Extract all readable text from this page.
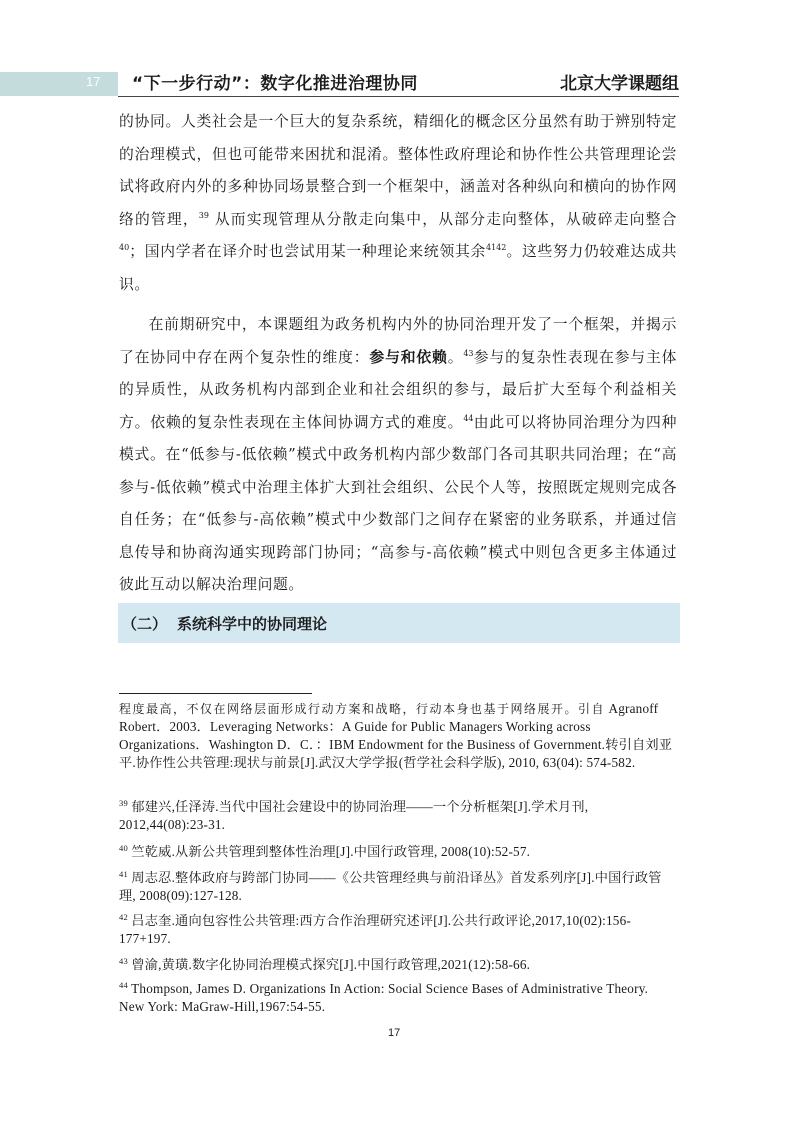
17 “下一步行动”：数字化推进治理协同	北京大学课题组

的协同。人类社会是一个巨大的复杂系统，精细化的概念区分虽然有助于辨别特定的治理模式，但也可能带来困扰和混淆。整体性政府理论和协作性公共管理理论尝试将政府内外的多种协同场景整合到一个框架中，涵盖对各种纵向和横向的协作网络的管理，$^{39}$ 从而实现管理从分散走向集中，从部分走向整体，从破碎走向整合$^{40}$；国内学者在译介时也尝试用某一种理论来统领其余$^{4142}$。这些努力仍较难达成共识。

在前期研究中，本课题组为政务机构内外的协同治理开发了一个框架，并揭示了在协同中存在两个复杂性的维度：参与和依赖。$^{43}$参与的复杂性表现在参与主体的异质性，从政务机构内部到企业和社会组织的参与，最后扩大至每个利益相关方。依赖的复杂性表现在主体间协调方式的难度。$^{44}$由此可以将协同治理分为四种模式。在“低参与-低依赖”模式中政务机构内部少数部门各司其职共同治理；在“高参与-低依赖”模式中治理主体扩大到社会组织、公民个人等，按照既定规则完成各自任务；在“低参与-高依赖”模式中少数部门之间存在紧密的业务联系，并通过信息传导和协商沟通实现跨部门协同；“高参与-高依赖”模式中则包含更多主体通过彼此互动以解决治理问题。

（二） 系统科学中的协同理论

程度最高，不仅在网络层面形成行动方案和战略，行动本身也基于网络展开。引自 Agranoff Robert．2003．Leveraging Networks：A Guide for Public Managers Working across Organizations．Washington D．C．：IBM Endowment for the Business of Government.转引自刘亚平.协作性公共管理:现状与前景[J].武汉大学学报(哲学社会科学版), 2010, 63(04): 574-582.

$^{39}$ 郁建兴,任泽涛.当代中国社会建设中的协同治理——一个分析框架[J].学术月刊, 2012,44(08):23-31.

$^{40}$ 竺乾威.从新公共管理到整体性治理[J].中国行政管理, 2008(10):52-57.

$^{41}$ 周志忍.整体政府与跨部门协同——《公共管理经典与前沿译丛》首发系列序[J].中国行政管理, 2008(09):127-128.

$^{42}$ 吕志奎.通向包容性公共管理:西方合作治理研究述评[J].公共行政评论,2017,10(02):156-177+197.

$^{43}$ 曾渝,黄璜.数字化协同治理模式探究[J].中国行政管理,2021(12):58-66.

$^{44}$ Thompson, James D. Organizations In Action: Social Science Bases of Administrative Theory. New York: MaGraw-Hill,1967:54-55.

17
